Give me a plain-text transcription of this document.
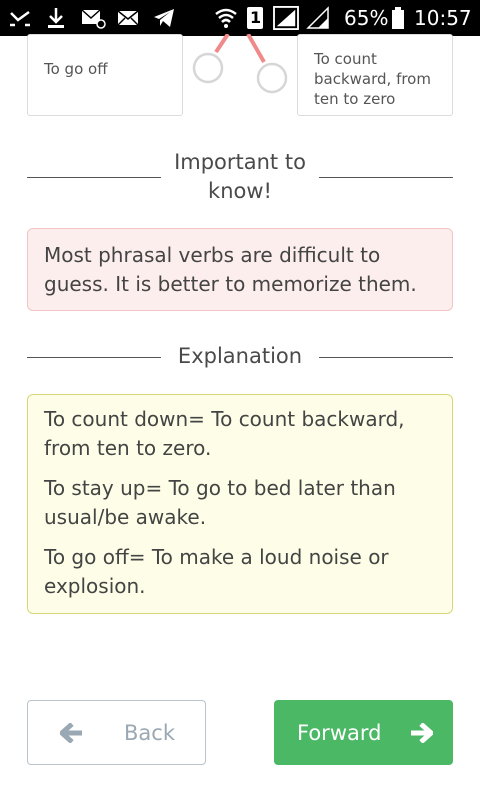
1	65% 10:57
To go off
To count backward, from ten to zero
Important to know!
Most phrasal verbs are difficult to guess. It is better to memorize them.
Explanation

To count down= To count backward, from ten to zero.

To stay up= To go to bed later than usual/be awake.

To go off= To make a loud noise or explosion.

Back	Forward
